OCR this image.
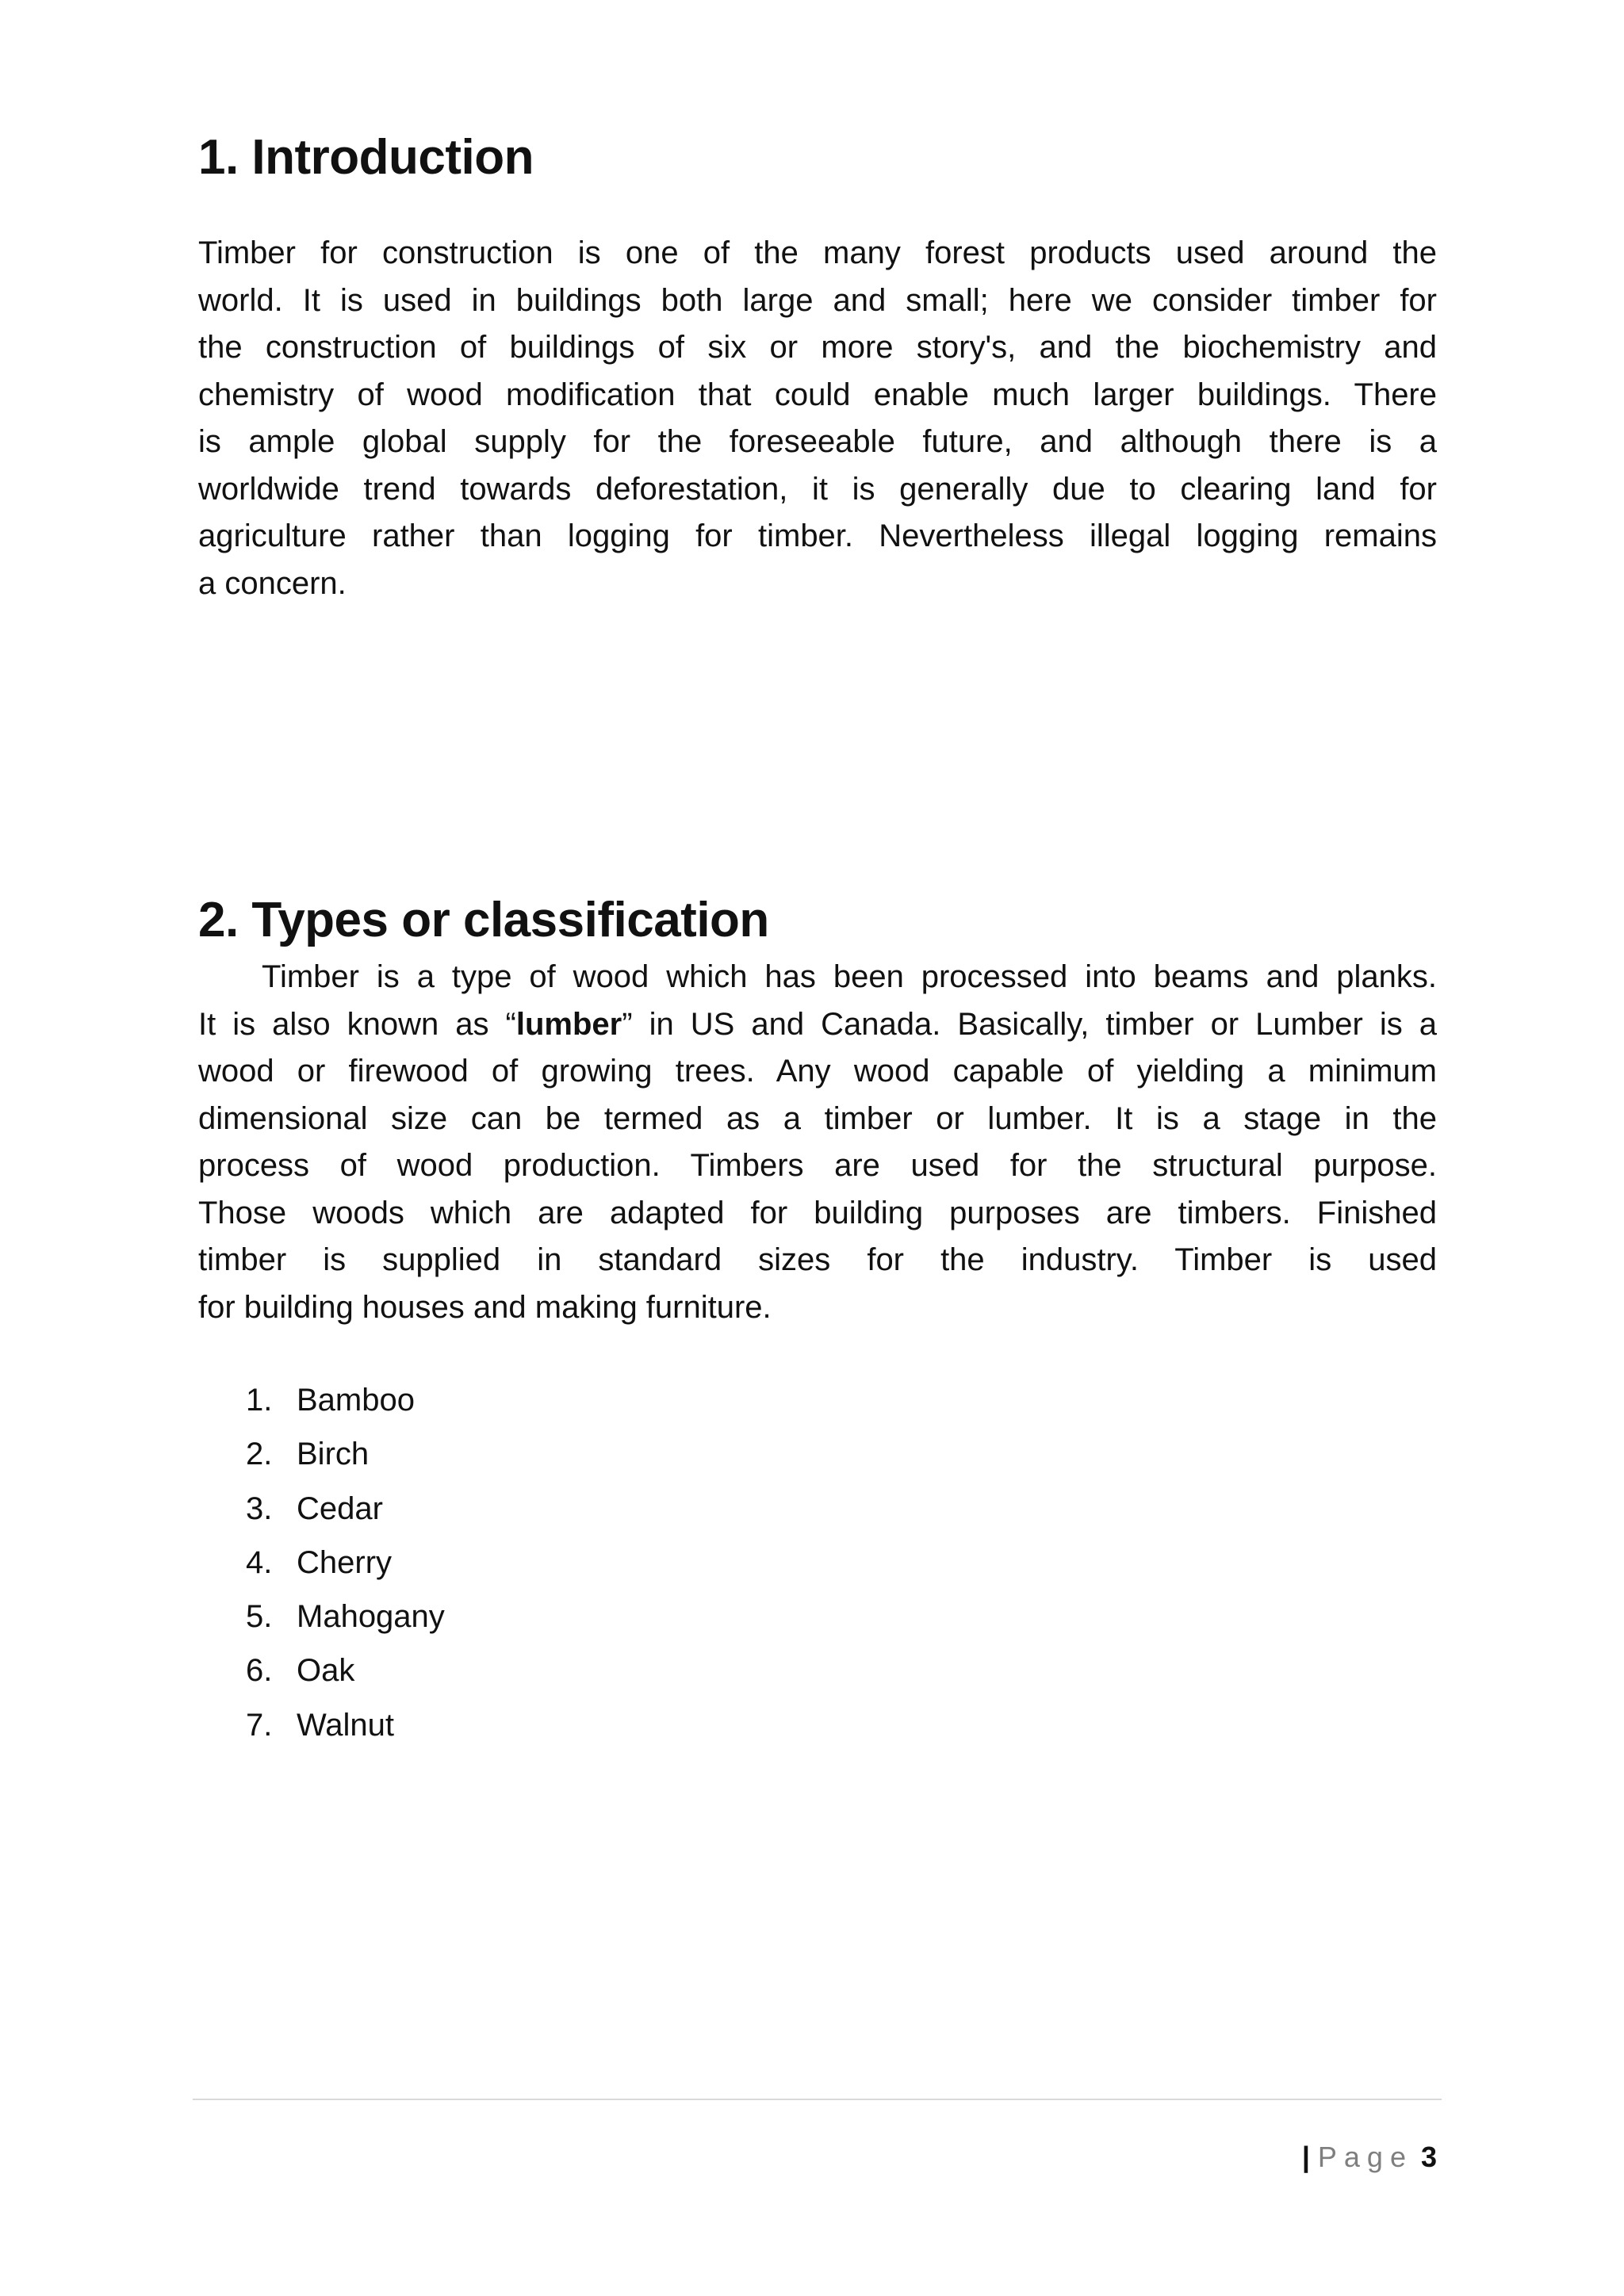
1. Introduction

Timber for construction is one of the many forest products used around the
world. It is used in buildings both large and small; here we consider timber for
the construction of buildings of six or more story's, and the biochemistry and
chemistry of wood modification that could enable much larger buildings. There
is ample global supply for the foreseeable future, and although there is a
worldwide trend towards deforestation, it is generally due to clearing land for
agriculture rather than logging for timber. Nevertheless illegal logging remains
a concern.

2. Types or classification

Timber is a type of wood which has been processed into beams and planks.
It is also known as “lumber” in US and Canada. Basically, timber or Lumber is a
wood or firewood of growing trees. Any wood capable of yielding a minimum
dimensional size can be termed as a timber or lumber. It is a stage in the
process of wood production. Timbers are used for the structural purpose.
Those woods which are adapted for building purposes are timbers. Finished
timber is supplied in standard sizes for the industry. Timber is used
for building houses and making furniture.

1. Bamboo
2. Birch
3. Cedar
4. Cherry
5. Mahogany
6. Oak
7. Walnut
| Page 3
